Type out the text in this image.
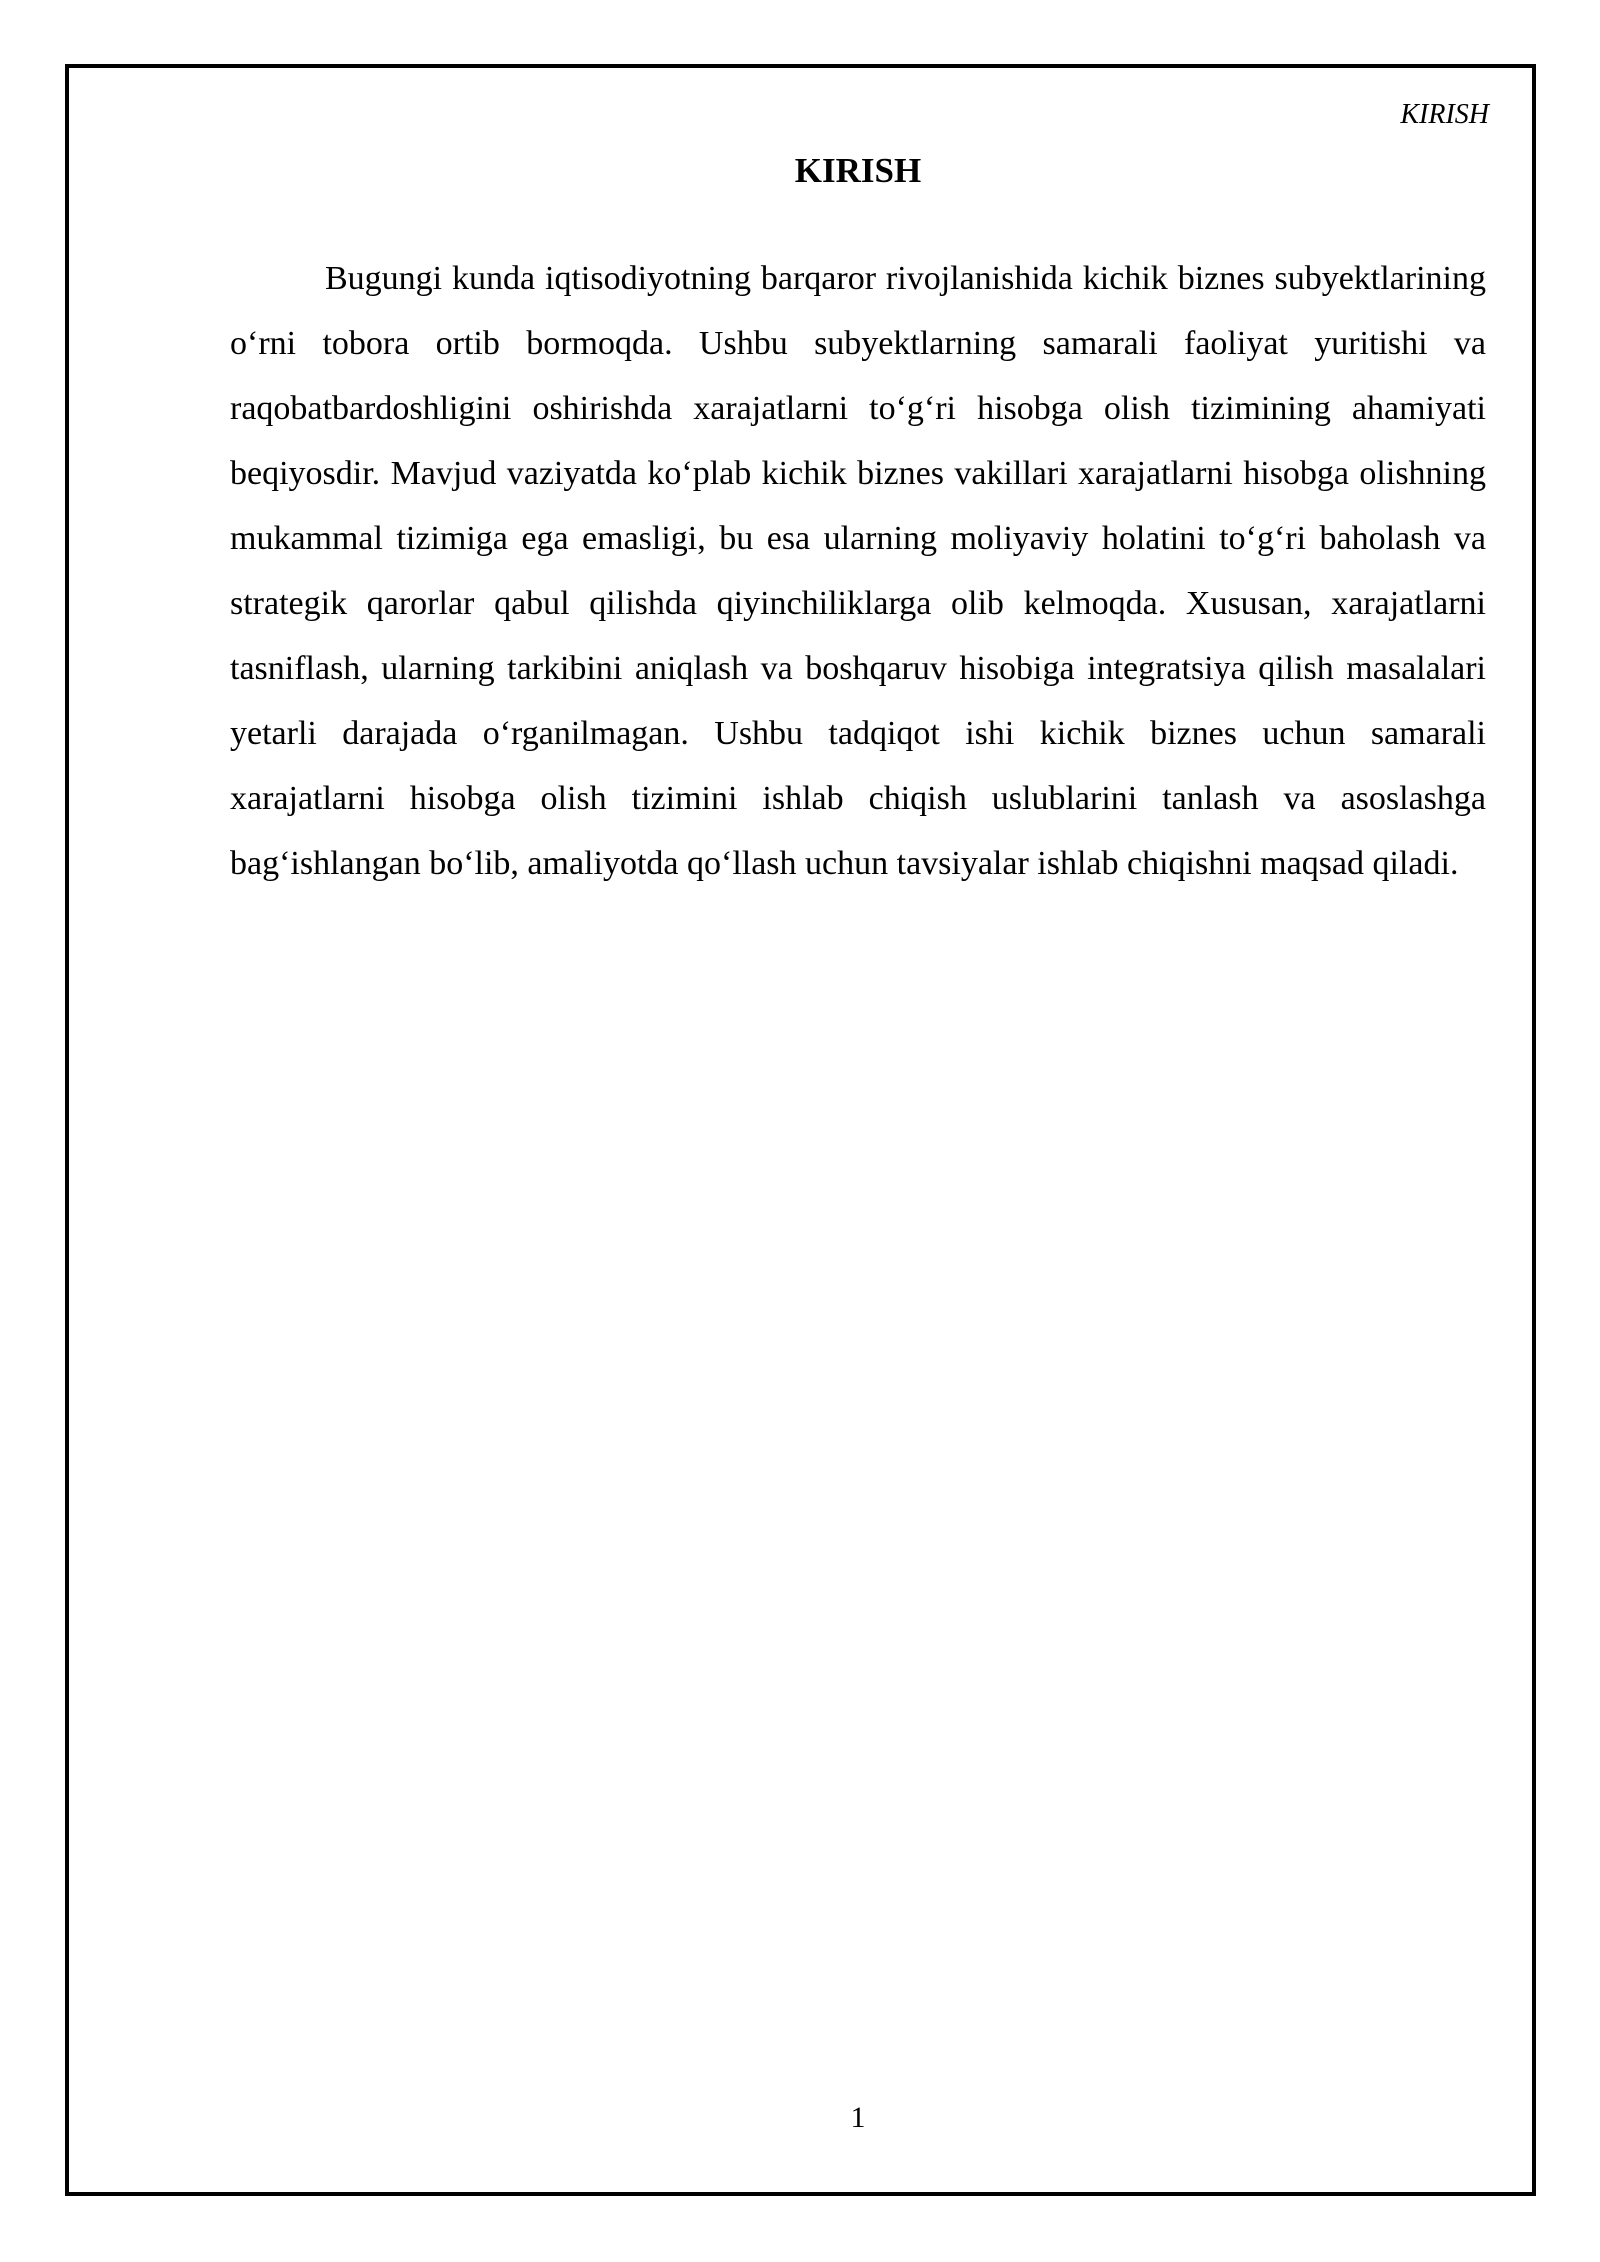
KIRISH
KIRISH

Bugungi kunda iqtisodiyotning barqaror rivojlanishida kichik biznes subyektlarining o‘rni tobora ortib bormoqda. Ushbu subyektlarning samarali faoliyat yuritishi va raqobatbardoshligini oshirishda xarajatlarni to‘g‘ri hisobga olish tizimining ahamiyati beqiyosdir. Mavjud vaziyatda ko‘plab kichik biznes vakillari xarajatlarni hisobga olishning mukammal tizimiga ega emasligi, bu esa ularning moliyaviy holatini to‘g‘ri baholash va strategik qarorlar qabul qilishda qiyinchiliklarga olib kelmoqda. Xususan, xarajatlarni tasniflash, ularning tarkibini aniqlash va boshqaruv hisobiga integratsiya qilish masalalari yetarli darajada o‘rganilmagan. Ushbu tadqiqot ishi kichik biznes uchun samarali xarajatlarni hisobga olish tizimini ishlab chiqish uslublarini tanlash va asoslashga bag‘ishlangan bo‘lib, amaliyotda qo‘llash uchun tavsiyalar ishlab chiqishni maqsad qiladi.

1
